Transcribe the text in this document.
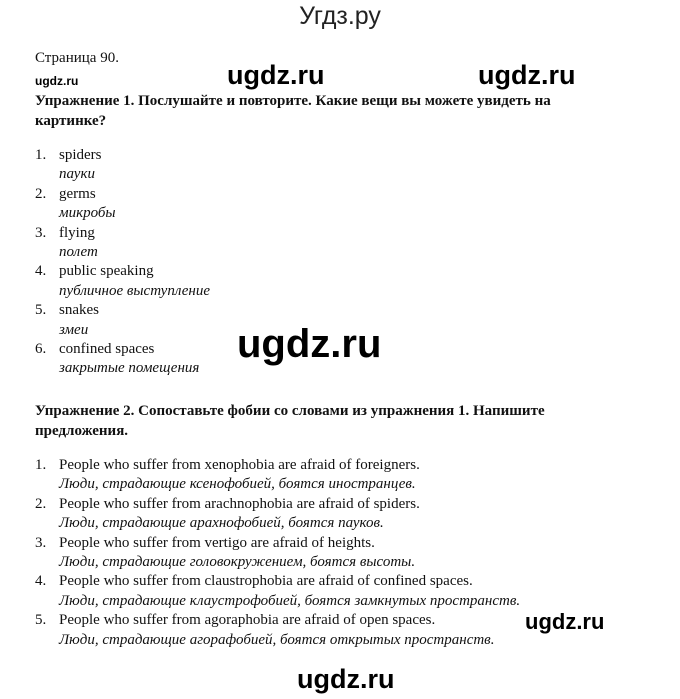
Угдз.ру
Страница 90.
ugdz.ru	ugdz.ru	ugdz.ru
Упражнение 1. Послушайте и повторите. Какие вещи вы можете увидеть на картинке?
1. spiders
пауки
2. germs
микробы
3. flying
полет
4. public speaking
публичное выступление
5. snakes
змеи
6. confined spaces
закрытые помещения
ugdz.ru
Упражнение 2. Сопоставьте фобии со словами из упражнения 1. Напишите предложения.
1. People who suffer from xenophobia are afraid of foreigners.
Люди, страдающие ксенофобией, боятся иностранцев.
2. People who suffer from arachnophobia are afraid of spiders.
Люди, страдающие арахнофобией, боятся пауков.
3. People who suffer from vertigo are afraid of heights.
Люди, страдающие головокружением, боятся высоты.
4. People who suffer from claustrophobia are afraid of confined spaces.
Люди, страдающие клаустрофобией, боятся замкнутых пространств.
5. People who suffer from agoraphobia are afraid of open spaces.
Люди, страдающие агорафобией, боятся открытых пространств.
ugdz.ru
ugdz.ru
